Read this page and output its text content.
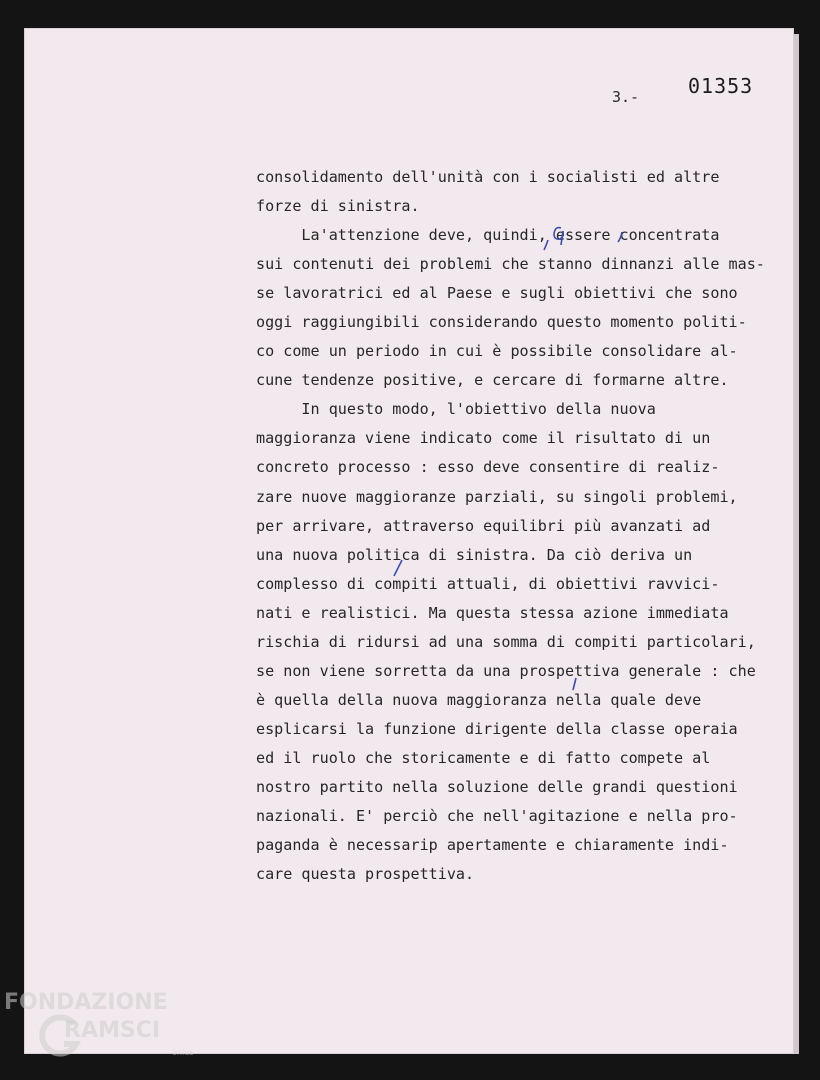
3.- 01353
consolidamento dell'unità con i socialisti ed altre
forze di sinistra.
La'attenzione deve, quindi, essere concentrata
sui contenuti dei problemi che stanno dinnanzi alle mas-
se lavoratrici ed al Paese e sugli obiettivi che sono
oggi raggiungibili considerando questo momento politi-
co come un periodo in cui è possibile consolidare al-
cune tendenze positive, e cercare di formarne altre.
In questo modo, l'obiettivo della nuova
maggioranza viene indicato come il risultato di un
concreto processo : esso deve consentire di realiz-
zare nuove maggioranze parziali, su singoli problemi,
per arrivare, attraverso equilibri più avanzati ad
una nuova politica di sinistra. Da ciò deriva un
complesso di compiti attuali, di obiettivi ravvici-
nati e realistici. Ma questa stessa azione immediata
rischia di ridursi ad una somma di compiti particolari,
se non viene sorretta da una prospettiva generale : che
è quella della nuova maggioranza nella quale deve
esplicarsi la funzione dirigente della classe operaia
ed il ruolo che storicamente e di fatto compete al
nostro partito nella soluzione delle grandi questioni
nazionali. E' perciò che nell'agitazione e nella pro-
paganda è necessarip apertamente e chiaramente indi-
care questa prospettiva.
FONDAZIONE
RAMSCI
onlus
